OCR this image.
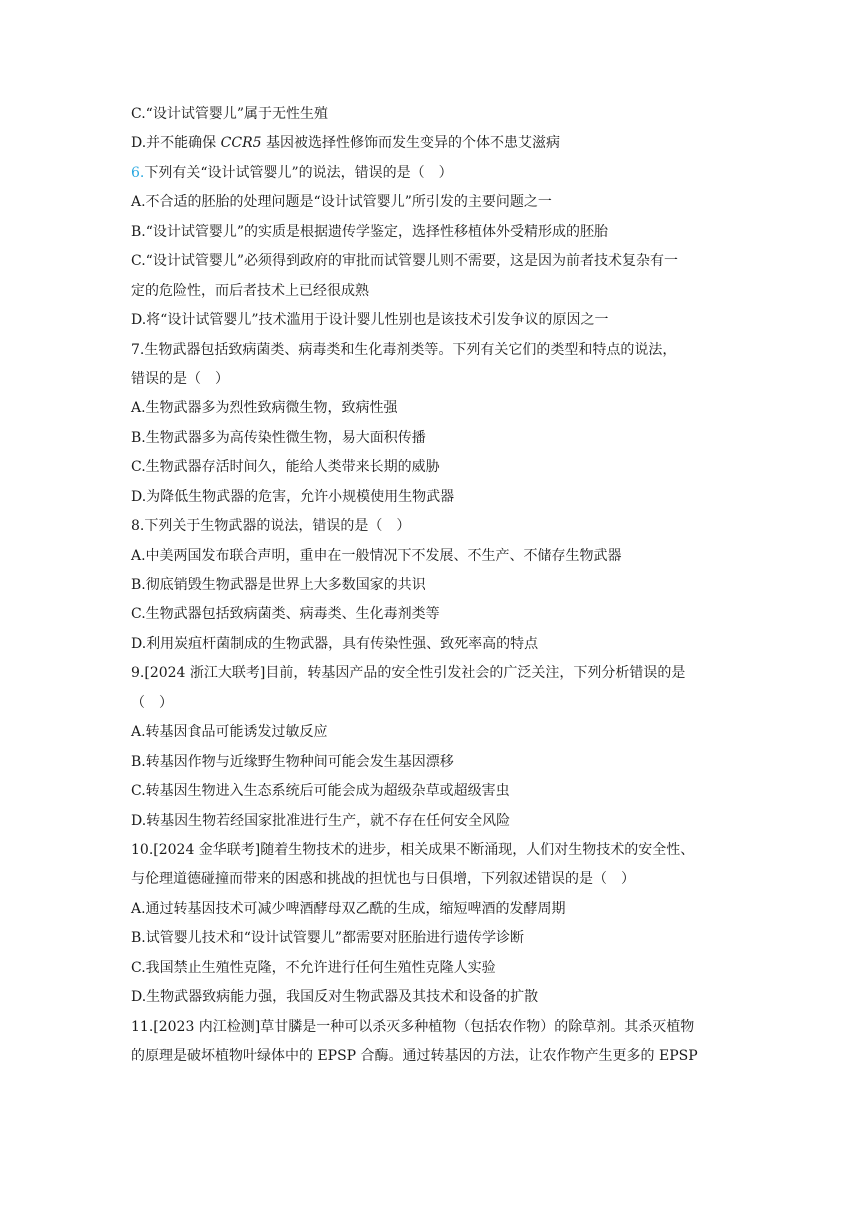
C.“设计试管婴儿”属于无性生殖
D.并不能确保 CCR5 基因被选择性修饰而发生变异的个体不患艾滋病
6.下列有关“设计试管婴儿”的说法，错误的是（　）
A.不合适的胚胎的处理问题是“设计试管婴儿”所引发的主要问题之一
B.“设计试管婴儿”的实质是根据遗传学鉴定，选择性移植体外受精形成的胚胎
C.“设计试管婴儿”必须得到政府的审批而试管婴儿则不需要，这是因为前者技术复杂有一
定的危险性，而后者技术上已经很成熟
D.将“设计试管婴儿”技术滥用于设计婴儿性别也是该技术引发争议的原因之一
7.生物武器包括致病菌类、病毒类和生化毒剂类等。下列有关它们的类型和特点的说法，
错误的是（　）
A.生物武器多为烈性致病微生物，致病性强
B.生物武器多为高传染性微生物，易大面积传播
C.生物武器存活时间久，能给人类带来长期的威胁
D.为降低生物武器的危害，允许小规模使用生物武器
8.下列关于生物武器的说法，错误的是（　）
A.中美两国发布联合声明，重申在一般情况下不发展、不生产、不储存生物武器
B.彻底销毁生物武器是世界上大多数国家的共识
C.生物武器包括致病菌类、病毒类、生化毒剂类等
D.利用炭疽杆菌制成的生物武器，具有传染性强、致死率高的特点
9.[2024 浙江大联考]目前，转基因产品的安全性引发社会的广泛关注，下列分析错误的是
（　）
A.转基因食品可能诱发过敏反应
B.转基因作物与近缘野生物种间可能会发生基因漂移
C.转基因生物进入生态系统后可能会成为超级杂草或超级害虫
D.转基因生物若经国家批准进行生产，就不存在任何安全风险
10.[2024 金华联考]随着生物技术的进步，相关成果不断涌现，人们对生物技术的安全性、
与伦理道德碰撞而带来的困惑和挑战的担忧也与日俱增，下列叙述错误的是（　）
A.通过转基因技术可减少啤酒酵母双乙酰的生成，缩短啤酒的发酵周期
B.试管婴儿技术和“设计试管婴儿”都需要对胚胎进行遗传学诊断
C.我国禁止生殖性克隆，不允许进行任何生殖性克隆人实验
D.生物武器致病能力强，我国反对生物武器及其技术和设备的扩散
11.[2023 内江检测]草甘膦是一种可以杀灭多种植物（包括农作物）的除草剂。其杀灭植物
的原理是破坏植物叶绿体中的 EPSP 合酶。通过转基因的方法，让农作物产生更多的 EPSP
